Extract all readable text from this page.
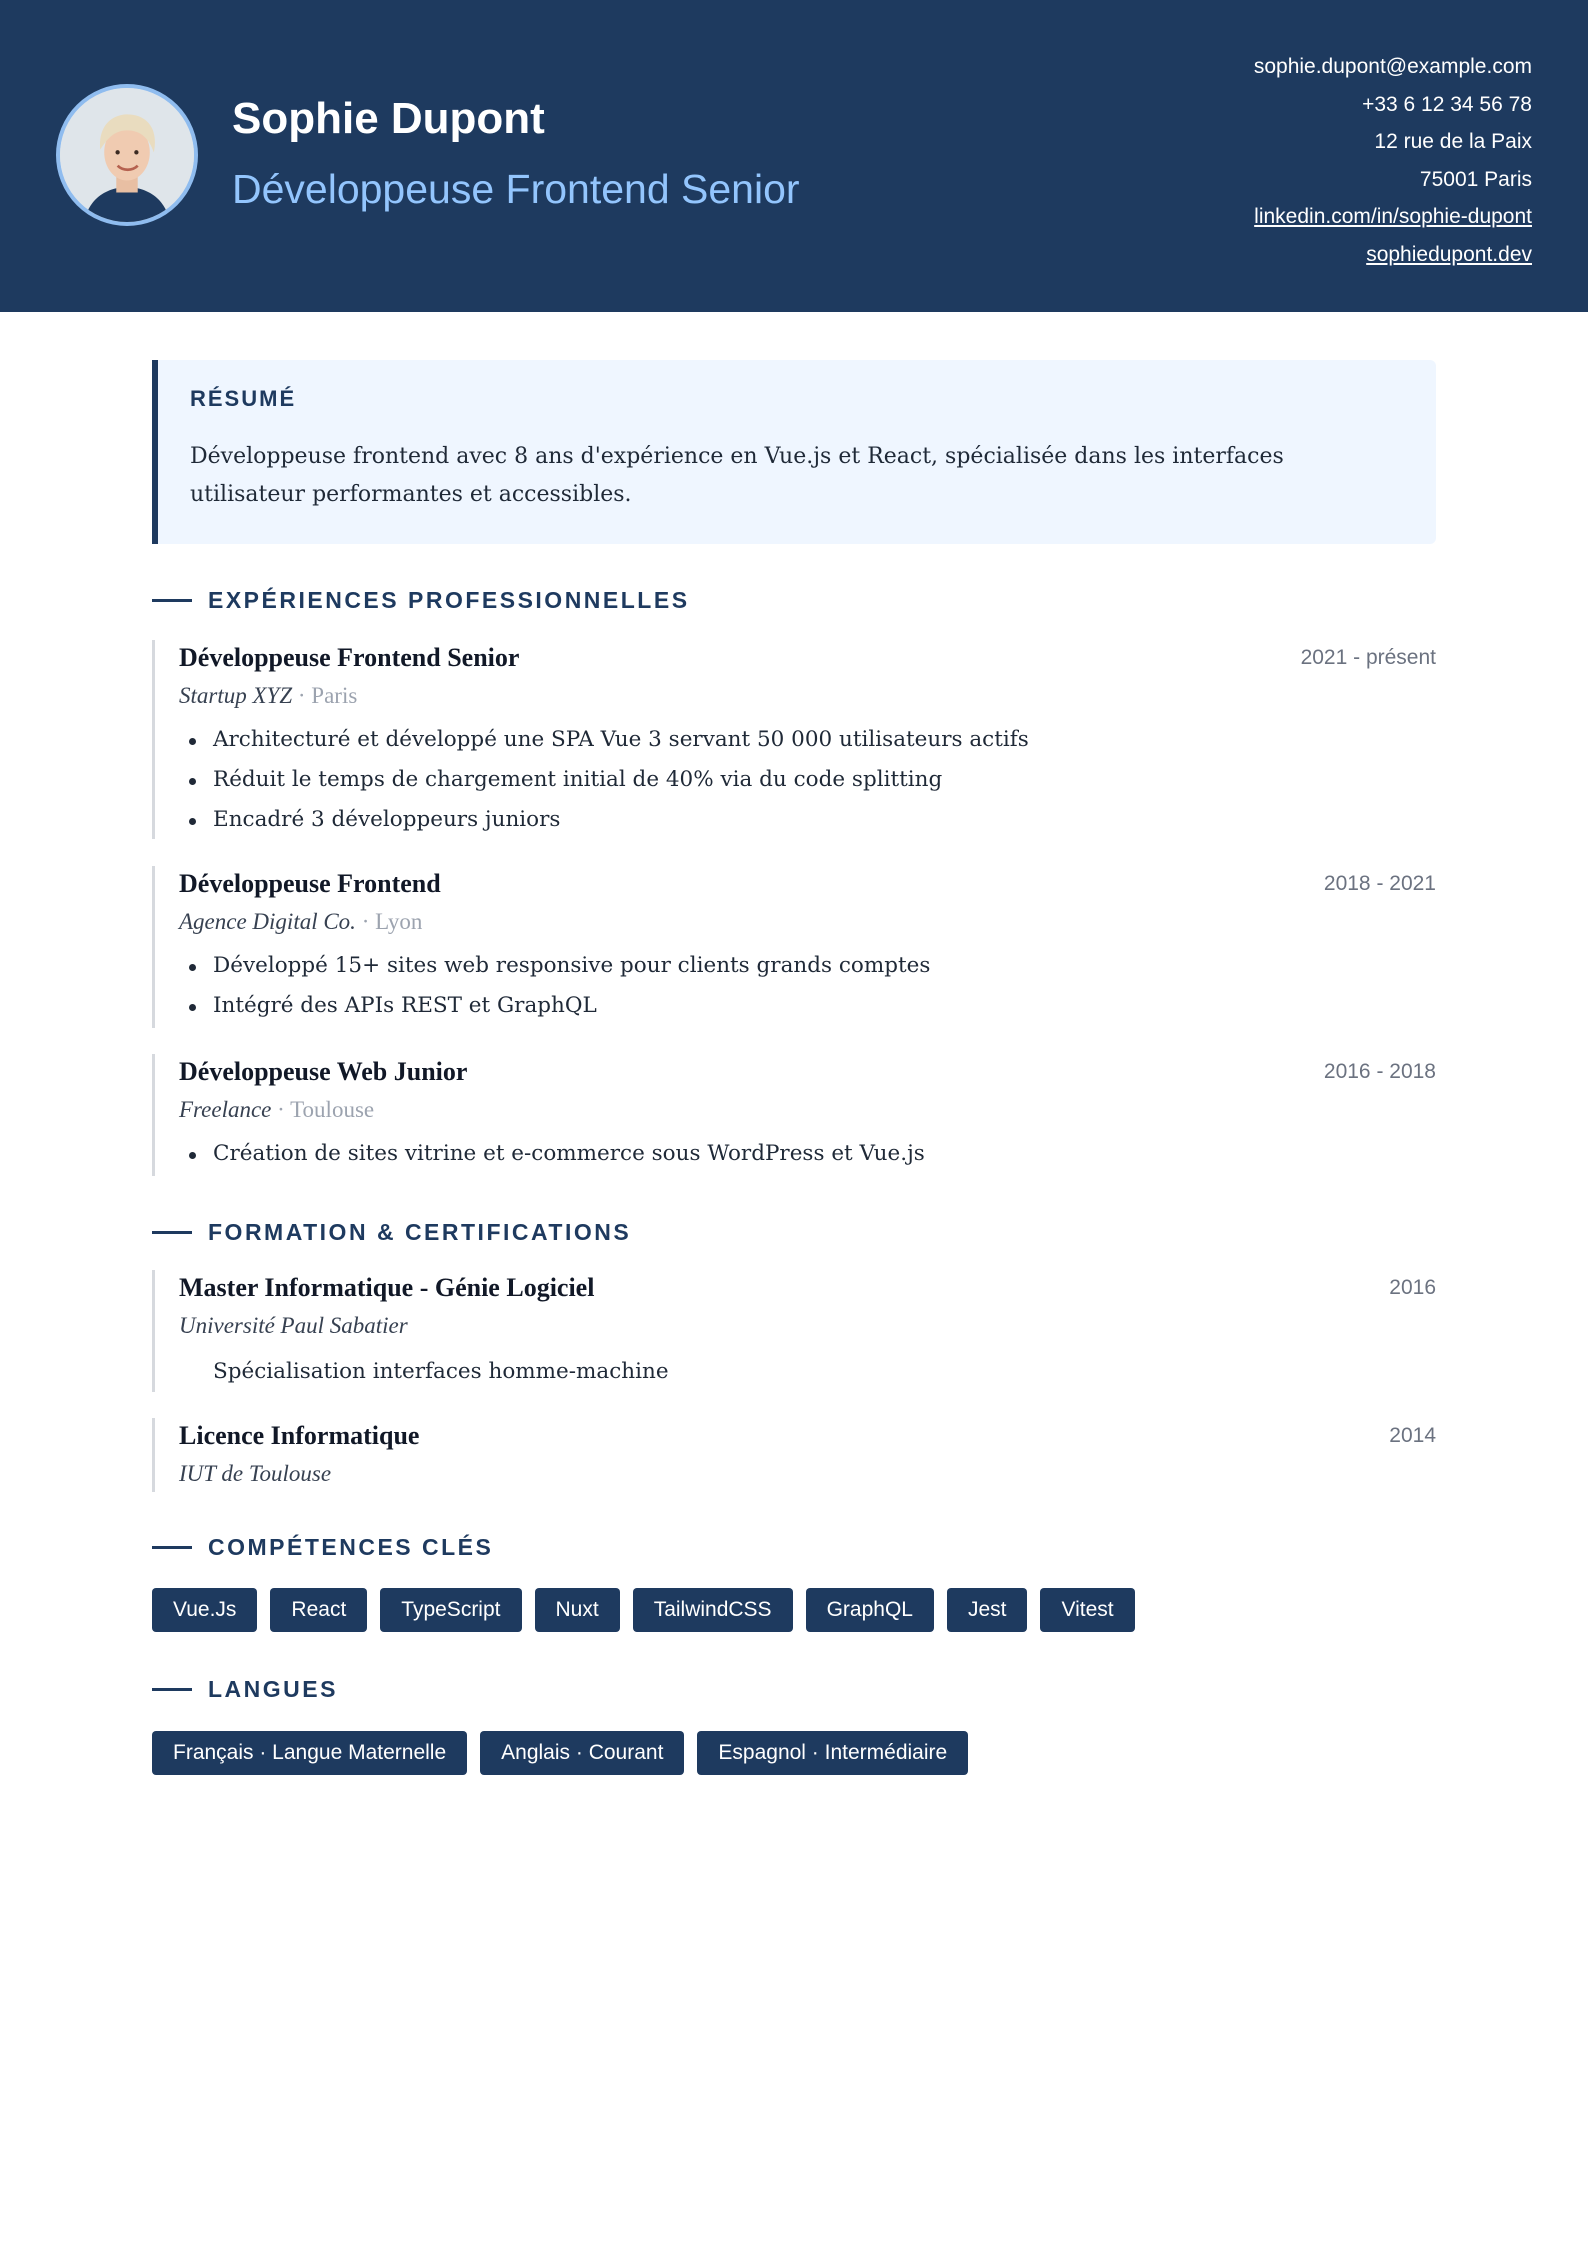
Sophie Dupont
Développeuse Frontend Senior
sophie.dupont@example.com
+33 6 12 34 56 78
12 rue de la Paix
75001 Paris
linkedin.com/in/sophie-dupont
sophiedupont.dev
RÉSUMÉ
Développeuse frontend avec 8 ans d'expérience en Vue.js et React, spécialisée dans les interfaces utilisateur performantes et accessibles.
EXPÉRIENCES PROFESSIONNELLES
Développeuse Frontend Senior	2021 - présent
Startup XYZ · Paris
Architecturé et développé une SPA Vue 3 servant 50 000 utilisateurs actifs
Réduit le temps de chargement initial de 40% via du code splitting
Encadré 3 développeurs juniors
Développeuse Frontend	2018 - 2021
Agence Digital Co. · Lyon
Développé 15+ sites web responsive pour clients grands comptes
Intégré des APIs REST et GraphQL
Développeuse Web Junior	2016 - 2018
Freelance · Toulouse
Création de sites vitrine et e-commerce sous WordPress et Vue.js
FORMATION & CERTIFICATIONS
Master Informatique - Génie Logiciel	2016
Université Paul Sabatier
Spécialisation interfaces homme-machine
Licence Informatique	2014
IUT de Toulouse
COMPÉTENCES CLÉS
Vue.Js	React	TypeScript	Nuxt	TailwindCSS	GraphQL	Jest	Vitest
LANGUES
Français · Langue Maternelle	Anglais · Courant	Espagnol · Intermédiaire
